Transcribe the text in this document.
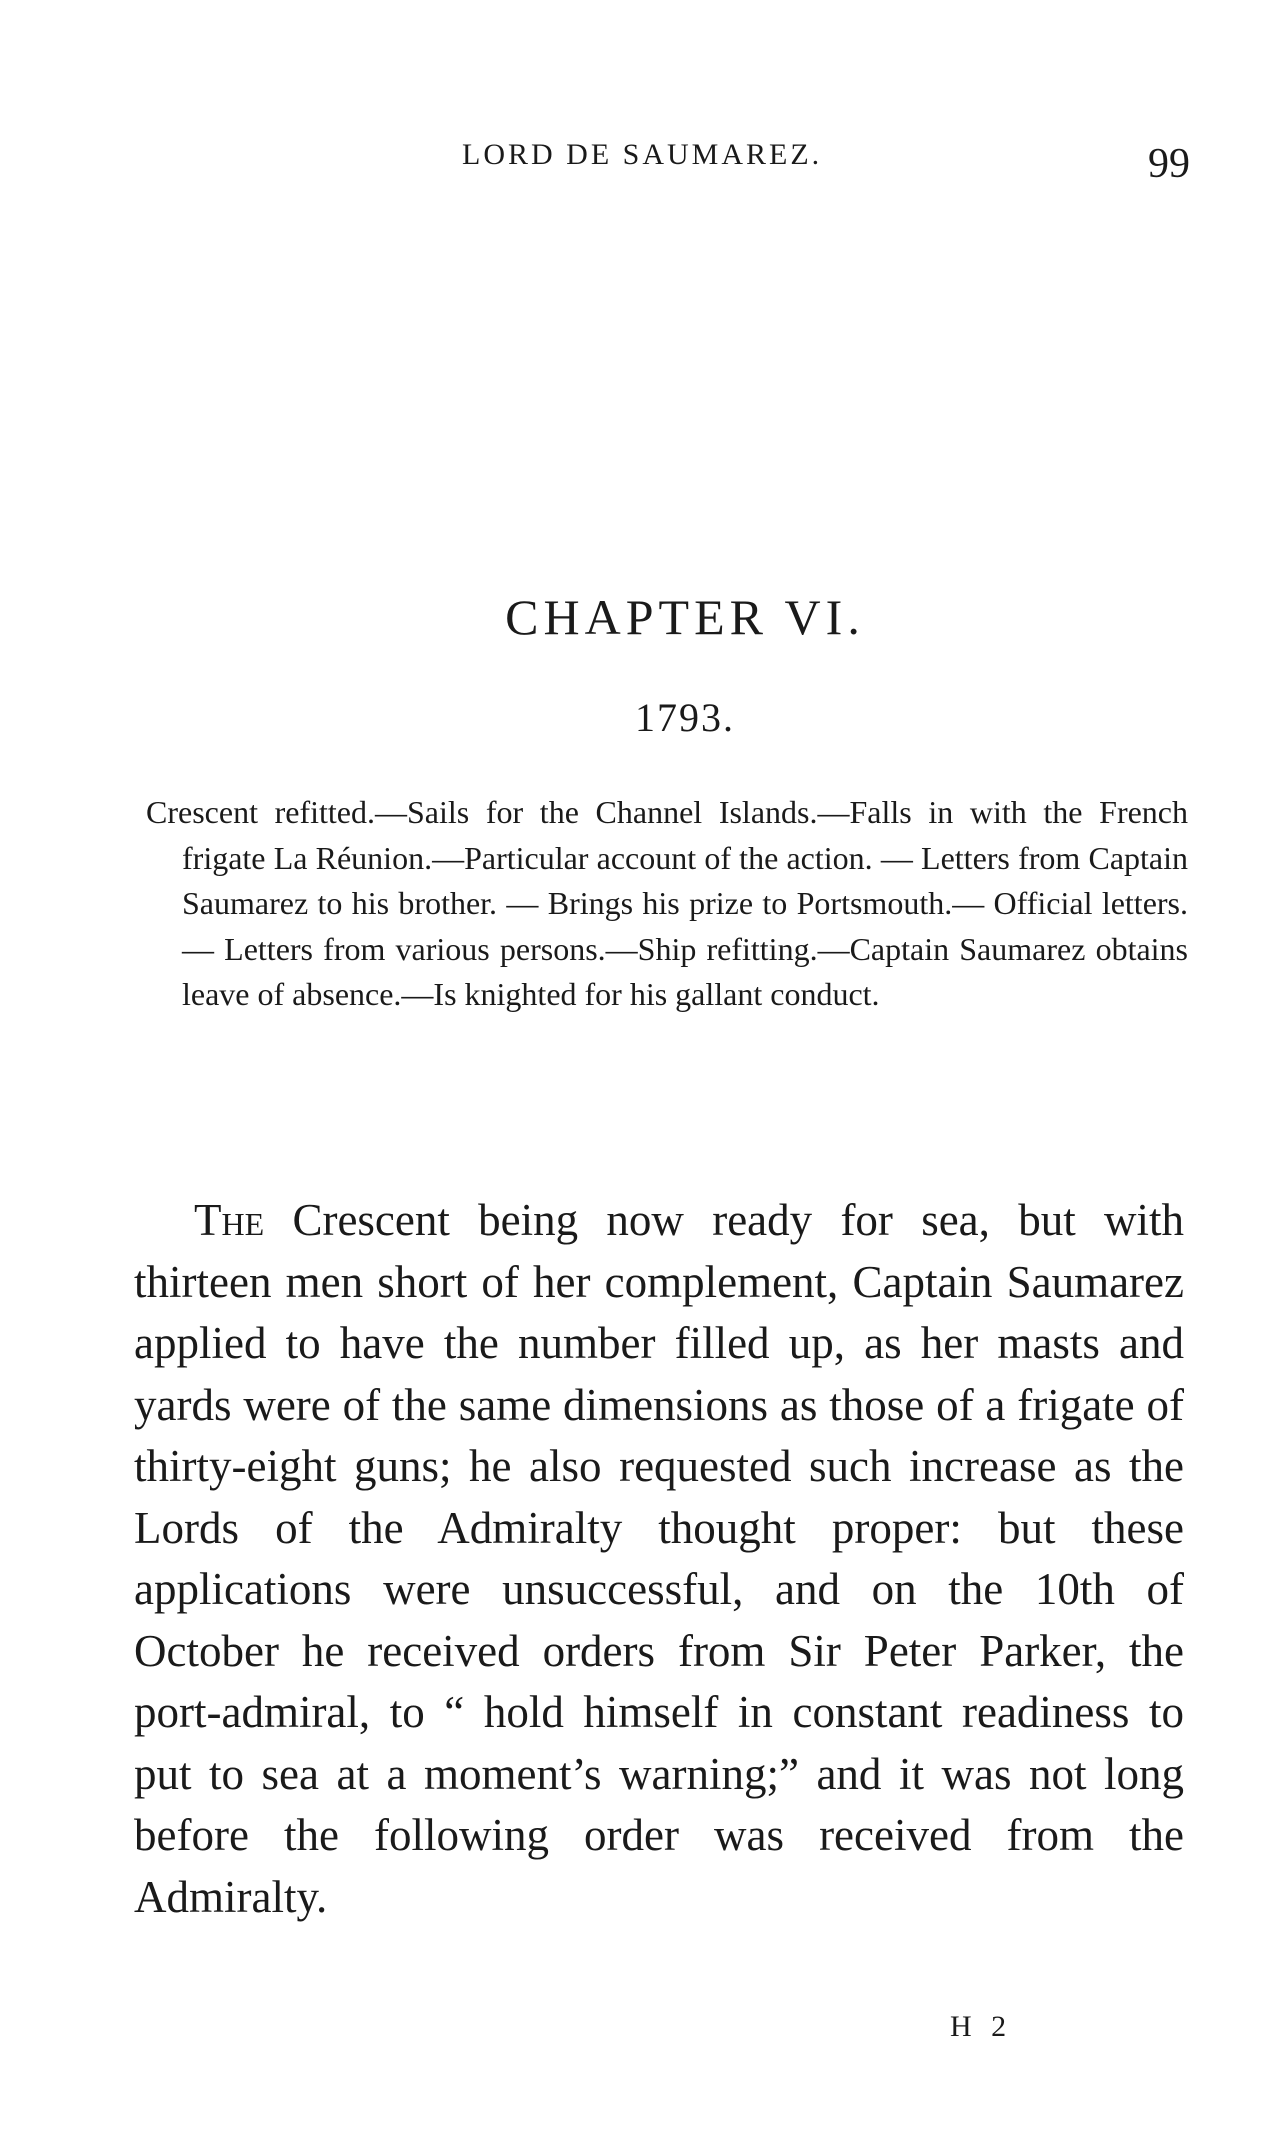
LORD DE SAUMAREZ.	99
CHAPTER VI.
1793.
Crescent refitted.—Sails for the Channel Islands.—Falls in with the French frigate La Réunion.—Particular account of the action. — Letters from Captain Saumarez to his brother. — Brings his prize to Portsmouth.— Official letters.— Letters from various persons.—Ship refitting.—Captain Saumarez obtains leave of absence.—Is knighted for his gallant conduct.
The Crescent being now ready for sea, but with thirteen men short of her complement, Captain Saumarez applied to have the number filled up, as her masts and yards were of the same dimensions as those of a frigate of thirty-eight guns; he also requested such increase as the Lords of the Admiralty thought proper: but these applications were unsuccessful, and on the 10th of October he received orders from Sir Peter Parker, the port-admiral, to “ hold himself in constant readiness to put to sea at a moment’s warning;” and it was not long before the following order was received from the Admiralty.
H 2
